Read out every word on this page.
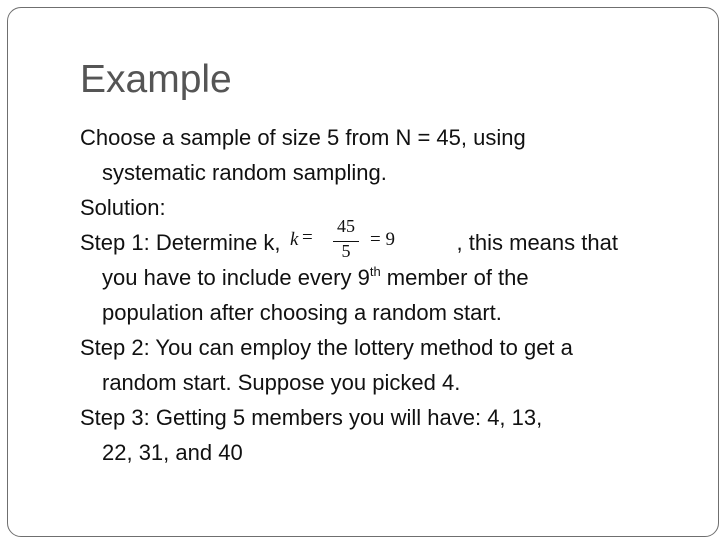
Example

Choose a sample of size 5 from N = 45, using
systematic random sampling.

Solution:

Step 1: Determine k,	, this means that
you have to include every 9th member of the
population after choosing a random start.

Step 2: You can employ the lottery method to get a
random start. Suppose you picked 4.

Step 3: Getting 5 members you will have: 4, 13,
22, 31, and 40

k =
45
5
= 9
